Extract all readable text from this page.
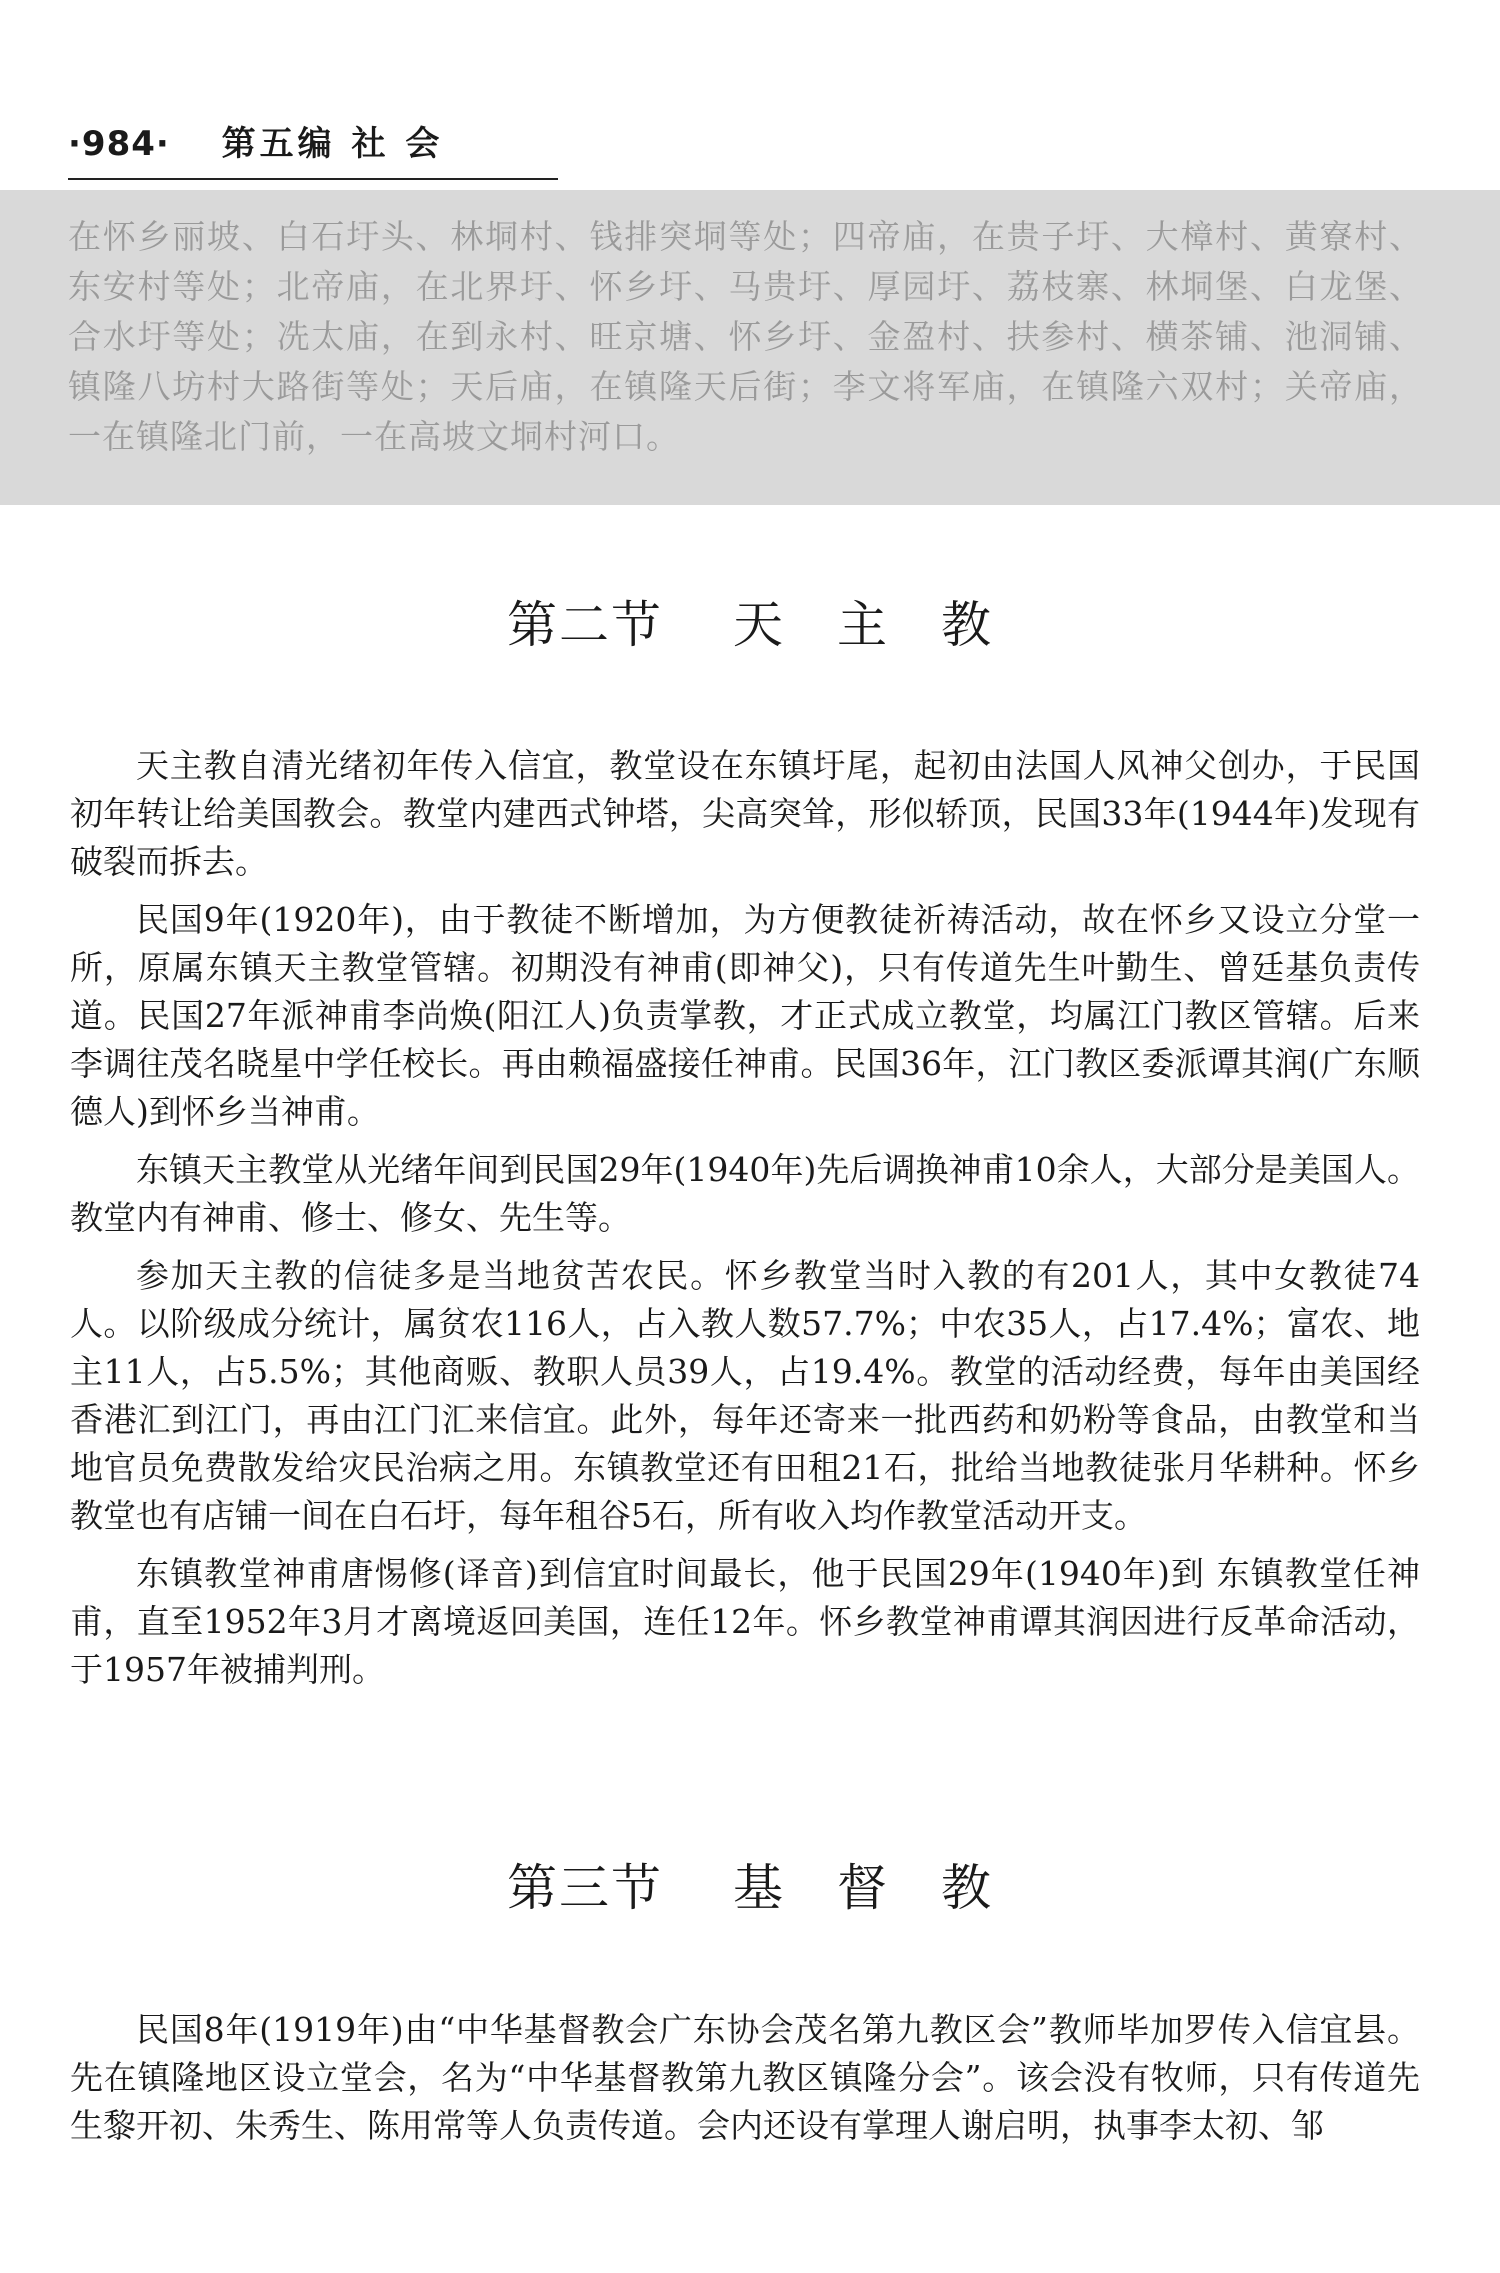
·984· 第五编 社 会
在怀乡丽坡、白石圩头、林垌村、钱排突垌等处；四帝庙，在贵子圩、大樟村、黄寮村、东安村等处；北帝庙，在北界圩、怀乡圩、马贵圩、厚园圩、荔枝寨、林垌堡、白龙堡、合水圩等处；冼太庙，在到永村、旺京塘、怀乡圩、金盈村、扶参村、横茶铺、池洞铺、镇隆八坊村大路街等处；天后庙，在镇隆天后街；李文将军庙，在镇隆六双村；关帝庙，一在镇隆北门前，一在高坡文垌村河口。
第二节 天　主　教

天主教自清光绪初年传入信宜，教堂设在东镇圩尾，起初由法国人风神父创办，于民国初年转让给美国教会。教堂内建西式钟塔，尖高突耸，形似轿顶，民国33年(1944年)发现有破裂而拆去。

民国9年(1920年)，由于教徒不断增加，为方便教徒祈祷活动，故在怀乡又设立分堂一所，原属东镇天主教堂管辖。初期没有神甫(即神父)，只有传道先生叶勤生、曾廷基负责传道。民国27年派神甫李尚焕(阳江人)负责掌教，才正式成立教堂，均属江门教区管辖。后来李调往茂名晓星中学任校长。再由赖福盛接任神甫。民国36年，江门教区委派谭其润(广东顺德人)到怀乡当神甫。

东镇天主教堂从光绪年间到民国29年(1940年)先后调换神甫10余人，大部分是美国人。教堂内有神甫、修士、修女、先生等。

参加天主教的信徒多是当地贫苦农民。怀乡教堂当时入教的有201人，其中女教徒74人。以阶级成分统计，属贫农116人，占入教人数57.7%；中农35人，占17.4%；富农、地主11人，占5.5%；其他商贩、教职人员39人，占19.4%。教堂的活动经费，每年由美国经香港汇到江门，再由江门汇来信宜。此外，每年还寄来一批西药和奶粉等食品，由教堂和当地官员免费散发给灾民治病之用。东镇教堂还有田租21石，批给当地教徒张月华耕种。怀乡教堂也有店铺一间在白石圩，每年租谷5石，所有收入均作教堂活动开支。

东镇教堂神甫唐惕修(译音)到信宜时间最长，他于民国29年(1940年)到 东镇教堂任神甫，直至1952年3月才离境返回美国，连任12年。怀乡教堂神甫谭其润因进行反革命活动，于1957年被捕判刑。

第三节 基　督　教

民国8年(1919年)由“中华基督教会广东协会茂名第九教区会”教师毕加罗传入信宜县。先在镇隆地区设立堂会，名为“中华基督教第九教区镇隆分会”。该会没有牧师，只有传道先生黎开初、朱秀生、陈用常等人负责传道。会内还设有掌理人谢启明，执事李太初、邹
